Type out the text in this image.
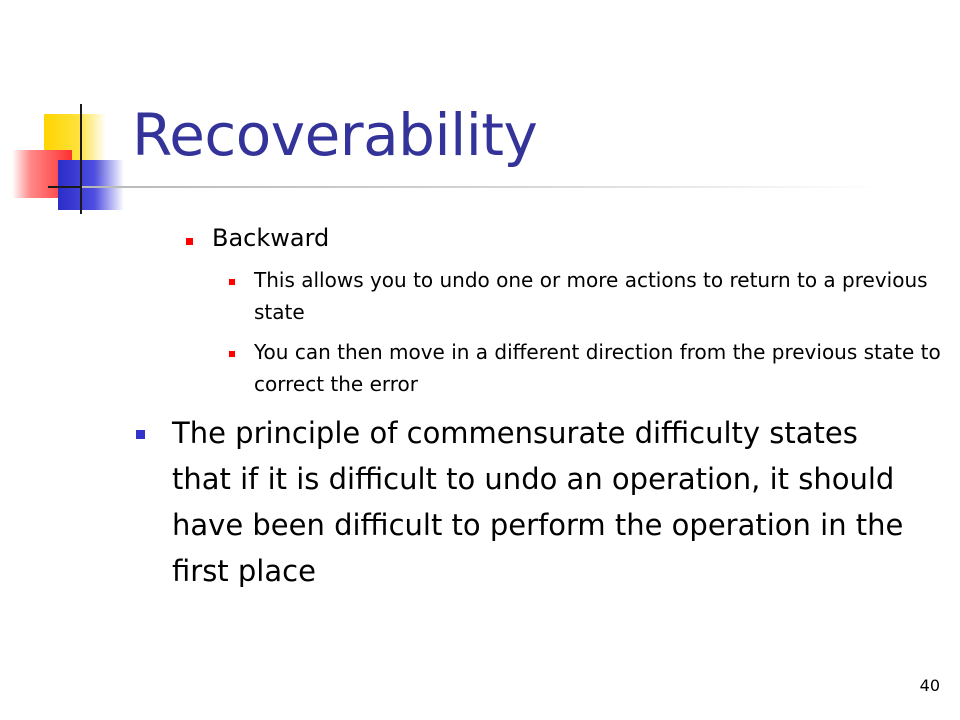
Recoverability
Backward
This allows you to undo one or more actions to return to a previous state
You can then move in a different direction from the previous state to correct the error
The principle of commensurate difficulty states that if it is difficult to undo an operation, it should have been difficult to perform the operation in the first place
40
